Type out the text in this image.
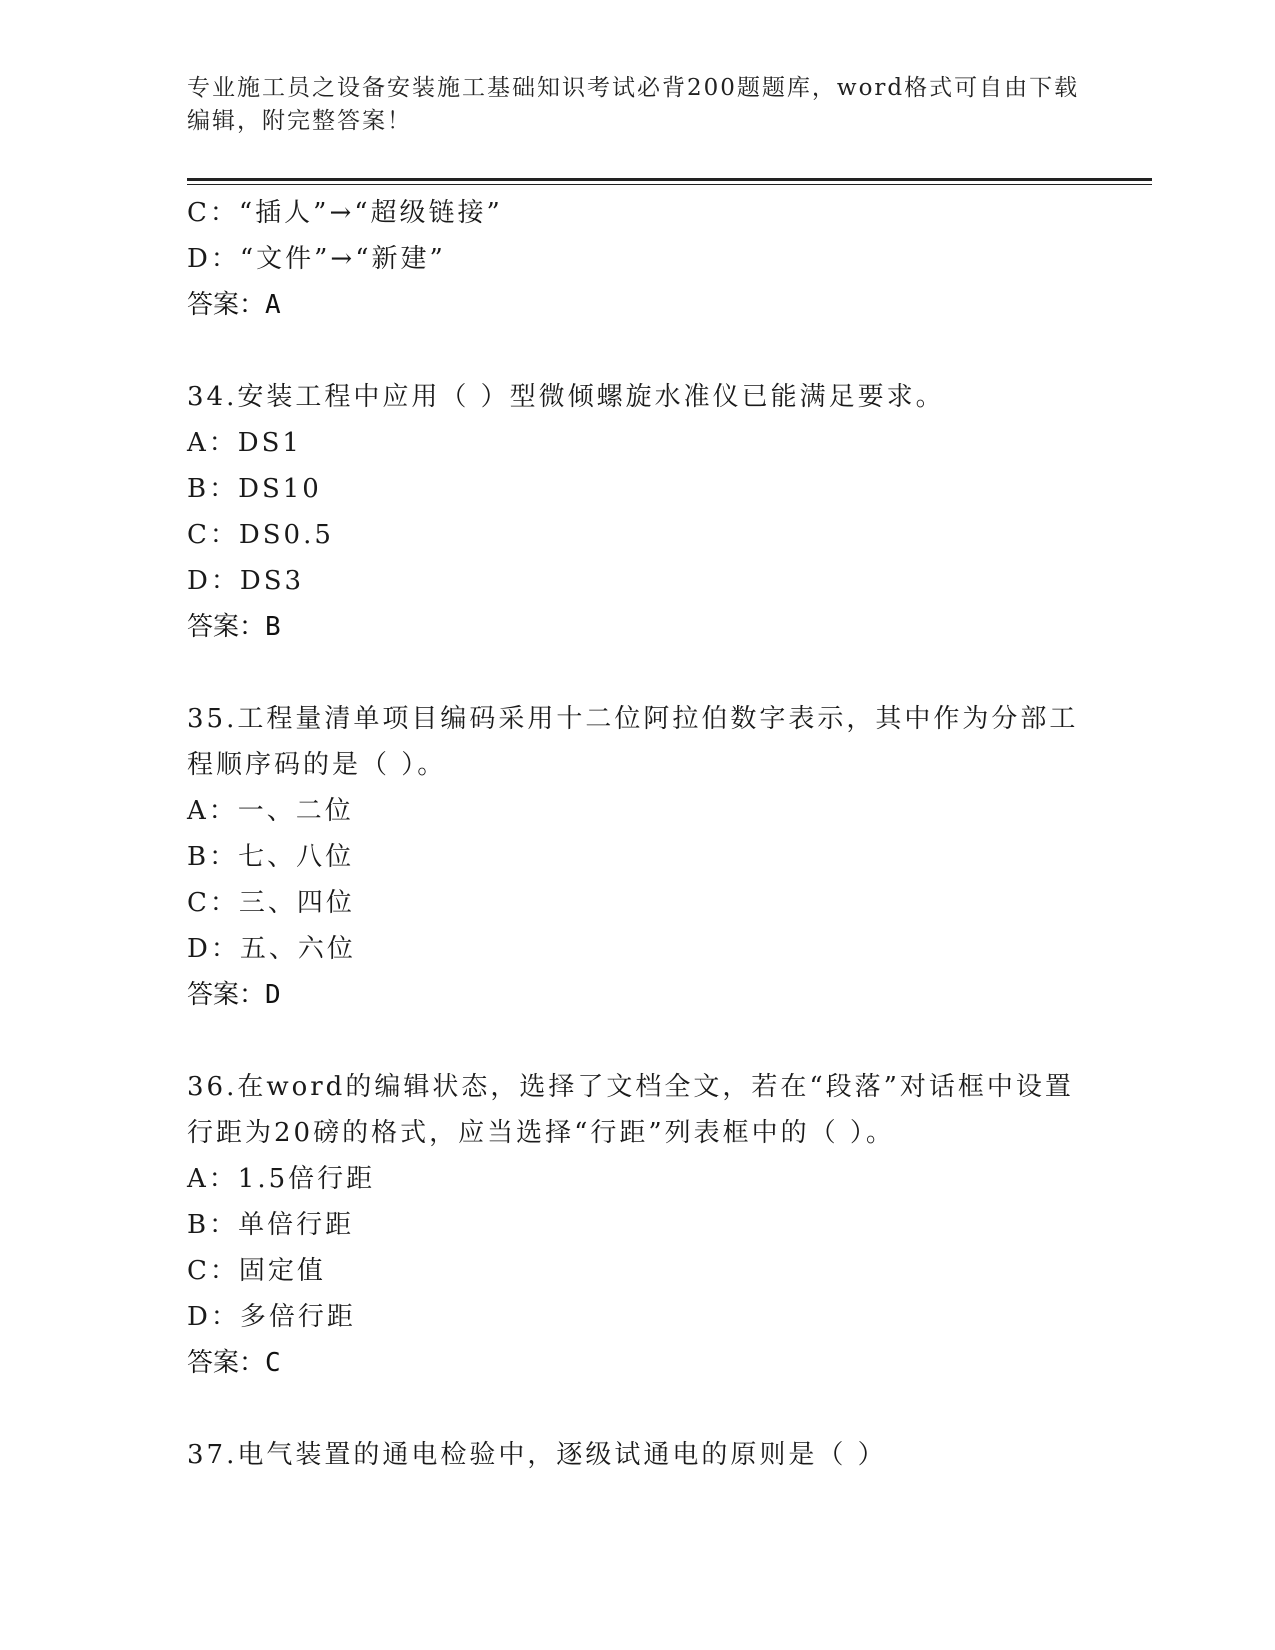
专业施工员之设备安装施工基础知识考试必背200题题库，word格式可自由下载编辑，附完整答案！
C：“插人”→“超级链接”
D：“文件”→“新建”
答案：A
34.安装工程中应用（ ）型微倾螺旋水准仪已能满足要求。
A：DS1
B：DS10
C：DS0.5
D：DS3
答案：B
35.工程量清单项目编码采用十二位阿拉伯数字表示，其中作为分部工程顺序码的是（ ）。
A：一、二位
B：七、八位
C：三、四位
D：五、六位
答案：D
36.在word的编辑状态，选择了文档全文，若在“段落”对话框中设置行距为20磅的格式，应当选择“行距”列表框中的（ ）。
A：1.5倍行距
B：单倍行距
C：固定值
D：多倍行距
答案：C
37.电气装置的通电检验中，逐级试通电的原则是（ ）
